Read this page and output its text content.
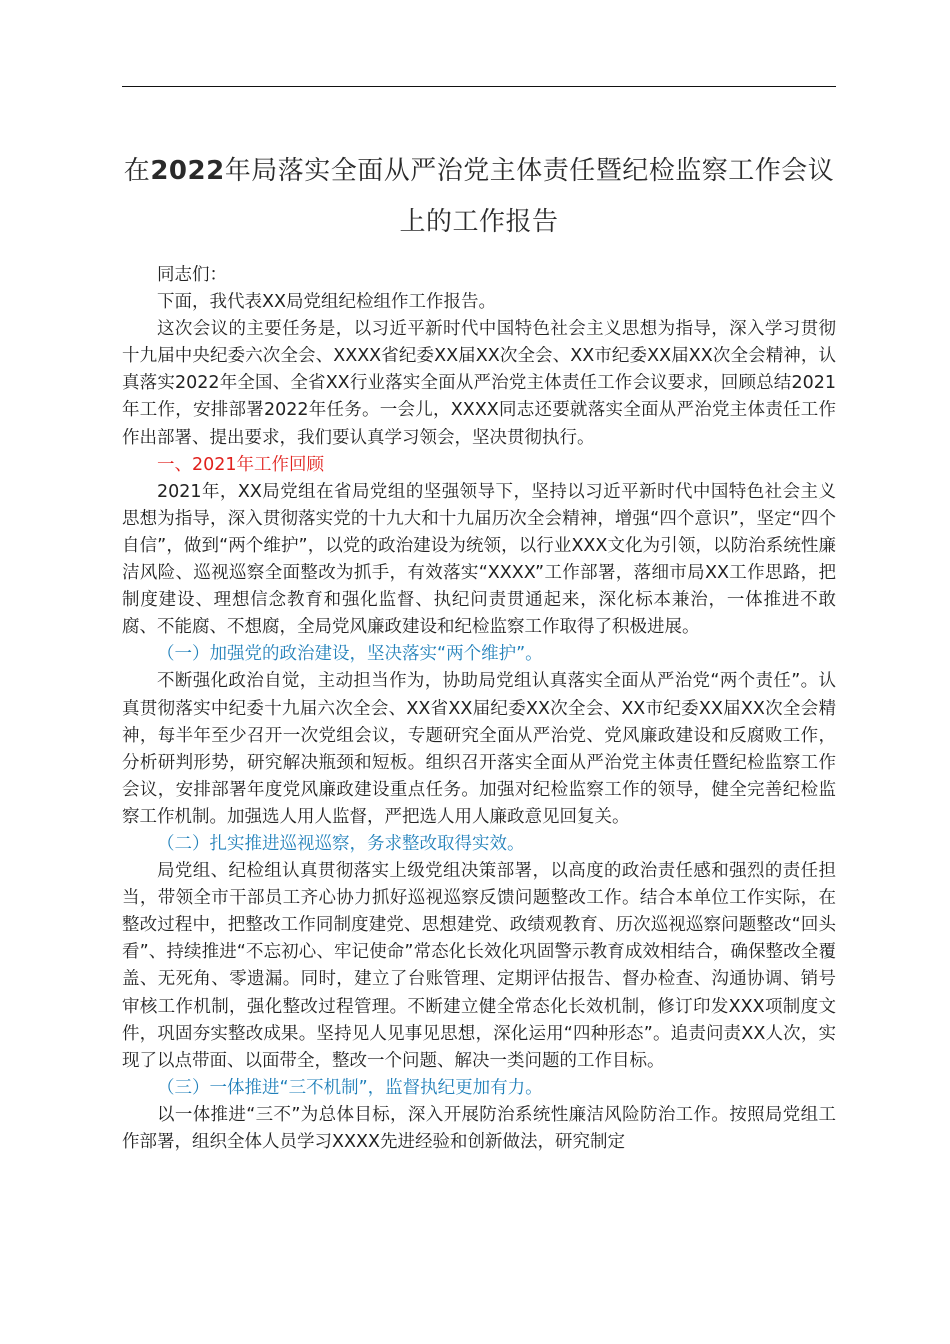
在2022年局落实全面从严治党主体责任暨纪检监察工作会议上的工作报告

同志们：

下面，我代表XX局党组纪检组作工作报告。

这次会议的主要任务是，以习近平新时代中国特色社会主义思想为指导，深入学习贯彻十九届中央纪委六次全会、XXXX省纪委XX届XX次全会、XX市纪委XX届XX次全会精神，认真落实2022年全国、全省XX行业落实全面从严治党主体责任工作会议要求，回顾总结2021年工作，安排部署2022年任务。一会儿，XXXX同志还要就落实全面从严治党主体责任工作作出部署、提出要求，我们要认真学习领会，坚决贯彻执行。

一、2021年工作回顾

2021年，XX局党组在省局党组的坚强领导下，坚持以习近平新时代中国特色社会主义思想为指导，深入贯彻落实党的十九大和十九届历次全会精神，增强“四个意识”，坚定“四个自信”，做到“两个维护”，以党的政治建设为统领，以行业XXX文化为引领，以防治系统性廉洁风险、巡视巡察全面整改为抓手，有效落实“XXXX”工作部署，落细市局XX工作思路，把制度建设、理想信念教育和强化监督、执纪问责贯通起来，深化标本兼治，一体推进不敢腐、不能腐、不想腐，全局党风廉政建设和纪检监察工作取得了积极进展。

（一）加强党的政治建设，坚决落实“两个维护”。

不断强化政治自觉，主动担当作为，协助局党组认真落实全面从严治党“两个责任”。认真贯彻落实中纪委十九届六次全会、XX省XX届纪委XX次全会、XX市纪委XX届XX次全会精神，每半年至少召开一次党组会议，专题研究全面从严治党、党风廉政建设和反腐败工作，分析研判形势，研究解决瓶颈和短板。组织召开落实全面从严治党主体责任暨纪检监察工作会议，安排部署年度党风廉政建设重点任务。加强对纪检监察工作的领导，健全完善纪检监察工作机制。加强选人用人监督，严把选人用人廉政意见回复关。

（二）扎实推进巡视巡察，务求整改取得实效。

局党组、纪检组认真贯彻落实上级党组决策部署，以高度的政治责任感和强烈的责任担当，带领全市干部员工齐心协力抓好巡视巡察反馈问题整改工作。结合本单位工作实际，在整改过程中，把整改工作同制度建党、思想建党、政绩观教育、历次巡视巡察问题整改“回头看”、持续推进“不忘初心、牢记使命”常态化长效化巩固警示教育成效相结合，确保整改全覆盖、无死角、零遗漏。同时，建立了台账管理、定期评估报告、督办检查、沟通协调、销号审核工作机制，强化整改过程管理。不断建立健全常态化长效机制，修订印发XXX项制度文件，巩固夯实整改成果。坚持见人见事见思想，深化运用“四种形态”。追责问责XX人次，实现了以点带面、以面带全，整改一个问题、解决一类问题的工作目标。

（三）一体推进“三不机制”，监督执纪更加有力。

以一体推进“三不”为总体目标，深入开展防治系统性廉洁风险防治工作。按照局党组工作部署，组织全体人员学习XXXX先进经验和创新做法，研究制定
